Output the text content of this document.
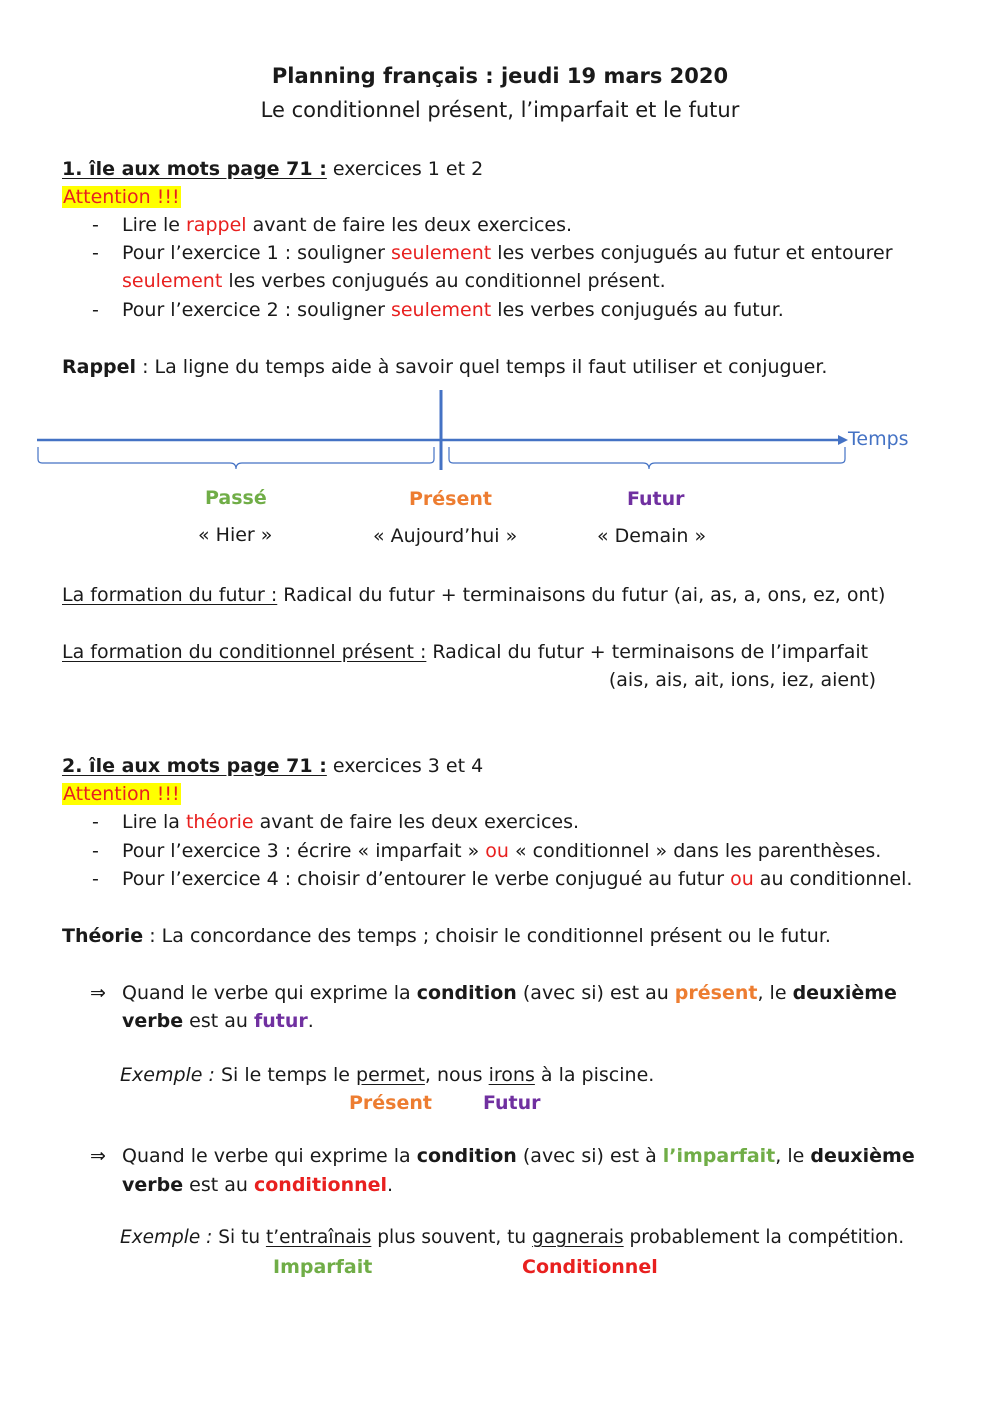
Planning français : jeudi 19 mars 2020
Le conditionnel présent, l’imparfait et le futur
1. île aux mots page 71 : exercices 1 et 2
Attention !!!
- Lire le rappel avant de faire les deux exercices.
- Pour l’exercice 1 : souligner seulement les verbes conjugués au futur et entourer
seulement les verbes conjugués au conditionnel présent.
- Pour l’exercice 2 : souligner seulement les verbes conjugués au futur.
Rappel : La ligne du temps aide à savoir quel temps il faut utiliser et conjuguer.
Temps
Passé	Présent	Futur
« Hier »	« Aujourd’hui »	« Demain »
La formation du futur : Radical du futur + terminaisons du futur (ai, as, a, ons, ez, ont)
La formation du conditionnel présent : Radical du futur + terminaisons de l’imparfait
(ais, ais, ait, ions, iez, aient)
2. île aux mots page 71 : exercices 3 et 4
Attention !!!
- Lire la théorie avant de faire les deux exercices.
- Pour l’exercice 3 : écrire « imparfait » ou « conditionnel » dans les parenthèses.
- Pour l’exercice 4 : choisir d’entourer le verbe conjugué au futur ou au conditionnel.
Théorie : La concordance des temps ; choisir le conditionnel présent ou le futur.
⇒ Quand le verbe qui exprime la condition (avec si) est au présent, le deuxième
verbe est au futur.
Exemple : Si le temps le permet, nous irons à la piscine.
Présent	Futur
⇒ Quand le verbe qui exprime la condition (avec si) est à l’imparfait, le deuxième
verbe est au conditionnel.
Exemple : Si tu t’entraînais plus souvent, tu gagnerais probablement la compétition.
Imparfait	Conditionnel
